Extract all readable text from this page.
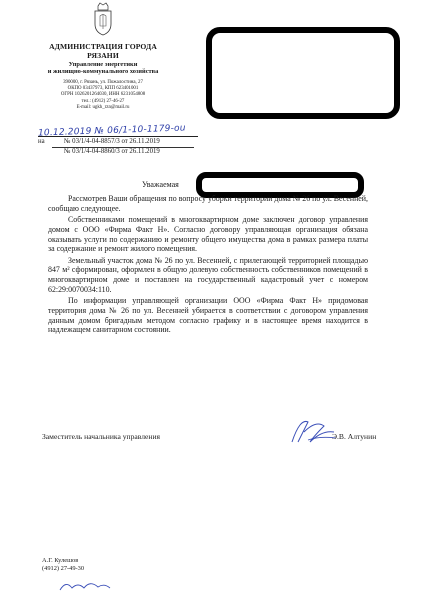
АДМИНИСТРАЦИЯ ГОРОДА РЯЗАНИ
Управление энергетики
и жилищно-коммунального хозяйства
390000, г. Рязань, ул. Пожалостина, 27
ОКПО 03437973, КПП 623401001
ОГРН 1026201264030, ИНН 6231054808
тел.: (4912) 27-46-27
E-mail: ugkh_rzn@mail.ru
10.12.2019 № 06/1-10-1179-ou
на	№ 03/1/4-04-8857/3 от 26.11.2019
№ 03/1/4-04-8860/3 от 26.11.2019
Уважаемая

Рассмотрев Ваши обращения по вопросу уборки территории дома № 26 по ул. Весенней, сообщаю следующее.

Собственниками помещений в многоквартирном доме заключен договор управления домом с ООО «Фирма Факт Н». Согласно договору управляющая организация обязана оказывать услуги по содержанию и ремонту общего имущества дома в рамках размера платы за содержание и ремонт жилого помещения.

Земельный участок дома № 26 по ул. Весенней, с прилегающей территорией площадью 847 м² сформирован, оформлен в общую долевую собственность собственников помещений в многоквартирном доме и поставлен на государственный кадастровый учет с номером 62:29:0070034:110.

По информации управляющей организации ООО «Фирма Факт Н» придомовая территория дома № 26 по ул. Весенней убирается в соответствии с договором управления данным домом бригадным методом согласно графику и в настоящее время находится в надлежащем санитарном состоянии.

Заместитель начальника управления	Э.В. Алтунин
А.Г. Кулешов
(4912) 27-49-30
